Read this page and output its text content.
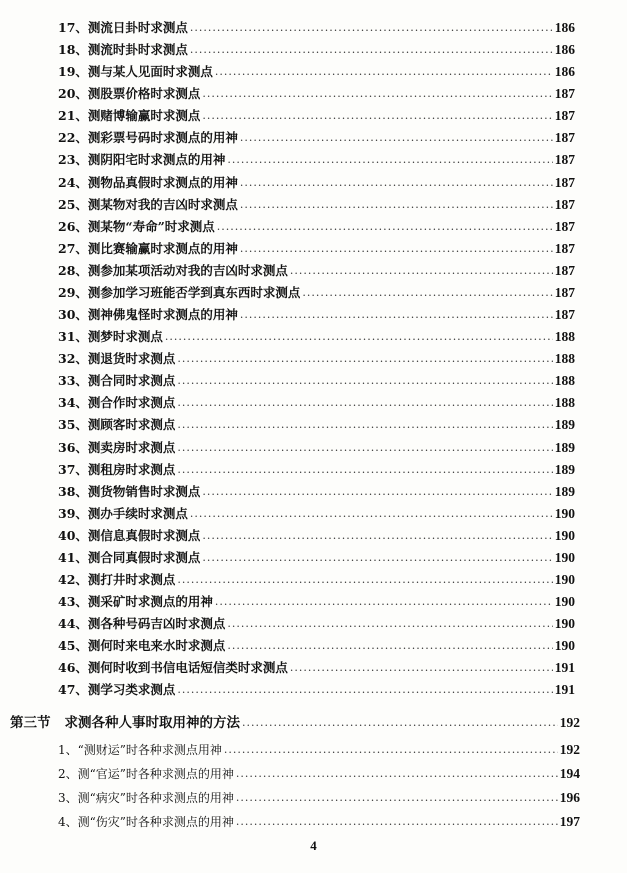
17、测流日卦时求测点 .....	186
18、测流时卦时求测点 .....	186
19、测与某人见面时求测点 .....	186
20、测股票价格时求测点 .....	187
21、测赌博输赢时求测点 .....	187
22、测彩票号码时求测点的用神 .....	187
23、测阴阳宅时求测点的用神 .....	187
24、测物品真假时求测点的用神 .....	187
25、测某物对我的吉凶时求测点 .....	187
26、测某物“寿命”时求测点 .....	187
27、测比赛输赢时求测点的用神 .....	187
28、测参加某项活动对我的吉凶时求测点 .....	187
29、测参加学习班能否学到真东西时求测点 .....	187
30、测神佛鬼怪时求测点的用神 .....	187
31、测梦时求测点 .....	188
32、测退货时求测点 .....	188
33、测合同时求测点 .....	188
34、测合作时求测点 .....	188
35、测顾客时求测点 .....	189
36、测卖房时求测点 .....	189
37、测租房时求测点 .....	189
38、测货物销售时求测点 .....	189
39、测办手续时求测点 .....	190
40、测信息真假时求测点 .....	190
41、测合同真假时求测点 .....	190
42、测打井时求测点 .....	190
43、测采矿时求测点的用神 .....	190
44、测各种号码吉凶时求测点 .....	190
45、测何时来电来水时求测点 .....	190
46、测何时收到书信电话短信类时求测点 .....	191
47、测学习类求测点 .....	191
第三节 求测各种人事时取用神的方法 .....	192
1、“测财运”时各种求测点用神 .....	192
2、测“官运”时各种求测点的用神 .....	194
3、测“病灾”时各种求测点的用神 .....	196
4、测“伤灾”时各种求测点的用神 .....	197
4
